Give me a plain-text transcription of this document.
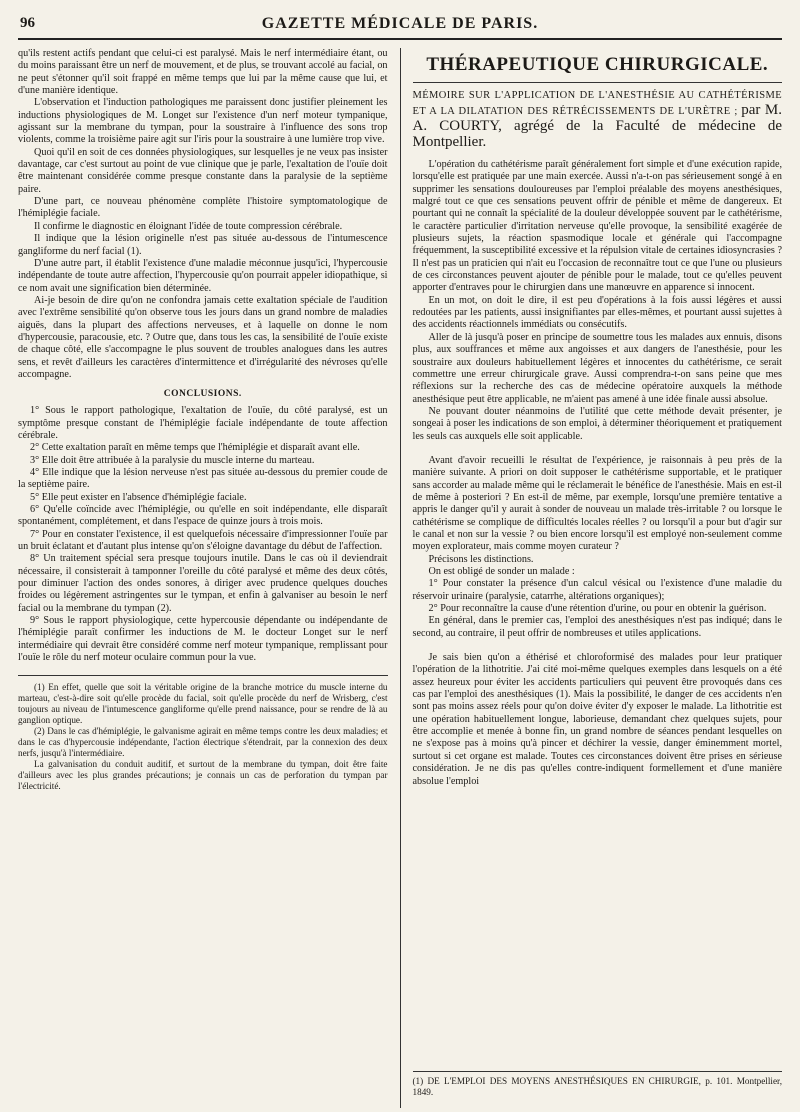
96	GAZETTE MÉDICALE DE PARIS.

qu'ils restent actifs pendant que celui-ci est paralysé. Mais le nerf intermédiaire étant, ou du moins paraissant être un nerf de mouvement, et de plus, se trouvant accolé au facial, on ne peut s'étonner qu'il soit frappé en même temps que lui par la même cause que lui, et d'une manière identique.

L'observation et l'induction pathologiques me paraissent donc justifier pleinement les inductions physiologiques de M. Longet sur l'existence d'un nerf moteur tympanique, agissant sur la membrane du tympan, pour la soustraire à l'influence des sons trop violents, comme la troisième paire agit sur l'iris pour la soustraire à une lumière trop vive.

Quoi qu'il en soit de ces données physiologiques, sur lesquelles je ne veux pas insister davantage, car c'est surtout au point de vue clinique que je parle, l'exaltation de l'ouïe doit être maintenant considérée comme presque constante dans la paralysie de la septième paire.

D'une part, ce nouveau phénomène complète l'histoire symptomatologique de l'hémiplégie faciale.

Il confirme le diagnostic en éloignant l'idée de toute compression cérébrale.

Il indique que la lésion originelle n'est pas située au-dessous de l'intumescence gangliforme du nerf facial (1).

D'une autre part, il établit l'existence d'une maladie méconnue jusqu'ici, l'hypercousie indépendante de toute autre affection, l'hypercousie qu'on pourrait appeler idiopathique, si ce nom avait une signification bien déterminée.

Ai-je besoin de dire qu'on ne confondra jamais cette exaltation spéciale de l'audition avec l'extrême sensibilité qu'on observe tous les jours dans un grand nombre de maladies aiguës, dans la plupart des affections nerveuses, et à laquelle on donne le nom d'hypercousie, paracousie, etc. ? Outre que, dans tous les cas, la sensibilité de l'ouïe existe de chaque côté, elle s'accompagne le plus souvent de troubles analogues dans les autres sens, et revêt d'ailleurs les caractères d'intermittence et d'irrégularité des névroses qu'elle accompagne.

CONCLUSIONS.

1° Sous le rapport pathologique, l'exaltation de l'ouïe, du côté paralysé, est un symptôme presque constant de l'hémiplégie faciale indépendante de toute affection cérébrale.

2° Cette exaltation paraît en même temps que l'hémiplégie et disparaît avant elle.

3° Elle doit être attribuée à la paralysie du muscle interne du marteau.

4° Elle indique que la lésion nerveuse n'est pas située au-dessous du premier coude de la septième paire.

5° Elle peut exister en l'absence d'hémiplégie faciale.

6° Qu'elle coïncide avec l'hémiplégie, ou qu'elle en soit indépendante, elle disparaît spontanément, complétement, et dans l'espace de quinze jours à trois mois.

7° Pour en constater l'existence, il est quelquefois nécessaire d'impressionner l'ouïe par un bruit éclatant et d'autant plus intense qu'on s'éloigne davantage du début de l'affection.

8° Un traitement spécial sera presque toujours inutile. Dans le cas où il deviendrait nécessaire, il consisterait à tamponner l'oreille du côté paralysé et même des deux côtés, pour diminuer l'action des ondes sonores, à diriger avec prudence quelques douches froides ou légèrement astringentes sur le tympan, et enfin à galvaniser au besoin le nerf facial ou la membrane du tympan (2).

9° Sous le rapport physiologique, cette hypercousie dépendante ou indépendante de l'hémiplégie paraît confirmer les inductions de M. le docteur Longet sur le nerf intermédiaire qui devrait être considéré comme nerf moteur tympanique, remplissant pour l'ouïe le rôle du nerf moteur oculaire commun pour la vue.

(1) En effet, quelle que soit la véritable origine de la branche motrice du muscle interne du marteau, c'est-à-dire soit qu'elle procède du facial, soit qu'elle procède du nerf de Wrisberg, c'est toujours au niveau de l'intumescence gangliforme qu'elle prend naissance, pour se rendre de là au ganglion optique.

(2) Dans le cas d'hémiplégie, le galvanisme agirait en même temps contre les deux maladies; et dans le cas d'hypercousie indépendante, l'action électrique s'étendrait, par la connexion des deux nerfs, jusqu'à l'intermédiaire.

La galvanisation du conduit auditif, et surtout de la membrane du tympan, doit être faite d'ailleurs avec les plus grandes précautions; je connais un cas de perforation du tympan par l'électricité.

THÉRAPEUTIQUE CHIRURGICALE.

MÉMOIRE SUR L'APPLICATION DE L'ANESTHÉSIE AU CATHÉTÉRISME ET A LA DILATATION DES RÉTRÉCISSEMENTS DE L'URÈTRE ; par M. A. COURTY, agrégé de la Faculté de médecine de Montpellier.

L'opération du cathétérisme paraît généralement fort simple et d'une exécution rapide, lorsqu'elle est pratiquée par une main exercée. Aussi n'a-t-on pas sérieusement songé à en supprimer les sensations douloureuses par l'emploi préalable des moyens anesthésiques, malgré tout ce que ces sensations peuvent offrir de pénible et même de dangereux. Et pourtant qui ne connaît la spécialité de la douleur développée souvent par le cathétérisme, le caractère particulier d'irritation nerveuse qu'elle provoque, la sensibilité exagérée de plusieurs sujets, la réaction spasmodique locale et générale qui l'accompagne fréquemment, la susceptibilité excessive et la répulsion vitale de certaines idiosyncrasies ? Il n'est pas un praticien qui n'ait eu l'occasion de reconnaître tout ce que l'une ou plusieurs de ces circonstances peuvent ajouter de pénible pour le malade, tout ce qu'elles peuvent apporter d'entraves pour le chirurgien dans une manœuvre en apparence si innocent.

En un mot, on doit le dire, il est peu d'opérations à la fois aussi légères et aussi redoutées par les patients, aussi insignifiantes par elles-mêmes, et pourtant aussi sujettes à des accidents réactionnels immédiats ou consécutifs.

Aller de là jusqu'à poser en principe de soumettre tous les malades aux ennuis, disons plus, aux souffrances et même aux angoisses et aux dangers de l'anesthésie, pour les soustraire aux douleurs habituellement légères et innocentes du cathétérisme, ce serait commettre une erreur chirurgicale grave. Aussi comprendra-t-on sans peine que mes réflexions sur la recherche des cas de médecine opératoire auxquels la méthode anesthésique peut être applicable, ne m'aient pas amené à une idée finale aussi absolue.

Ne pouvant douter néanmoins de l'utilité que cette méthode devait présenter, je songeai à poser les indications de son emploi, à déterminer théoriquement et pratiquement les seuls cas auxquels elle soit applicable.

Avant d'avoir recueilli le résultat de l'expérience, je raisonnais à peu près de la manière suivante. A priori on doit supposer le cathétérisme supportable, et le pratiquer sans accorder au malade même qui le réclamerait le bénéfice de l'anesthésie. Mais en est-il de même à posteriori ? En est-il de même, par exemple, lorsqu'une première tentative a appris le danger qu'il y aurait à sonder de nouveau un malade très-irritable ? ou lorsque le cathétérisme se complique de difficultés locales réelles ? ou lorsqu'il a pour but d'agir sur le canal et non sur la vessie ? ou bien encore lorsqu'il est employé non-seulement comme moyen explorateur, mais comme moyen curateur ?

Précisons les distinctions.

On est obligé de sonder un malade :

1° Pour constater la présence d'un calcul vésical ou l'existence d'une maladie du réservoir urinaire (paralysie, catarrhe, altérations organiques);

2° Pour reconnaître la cause d'une rétention d'urine, ou pour en obtenir la guérison.

En général, dans le premier cas, l'emploi des anesthésiques n'est pas indiqué; dans le second, au contraire, il peut offrir de nombreuses et utiles applications.

Je sais bien qu'on a éthérisé et chloroformisé des malades pour leur pratiquer l'opération de la lithotritie. J'ai cité moi-même quelques exemples dans lesquels on a été assez heureux pour éviter les accidents particuliers qui peuvent être provoqués dans ces cas par l'emploi des anesthésiques (1). Mais la possibilité, le danger de ces accidents n'en sont pas moins assez réels pour qu'on doive éviter d'y exposer le malade. La lithotritie est une opération habituellement longue, laborieuse, demandant chez quelques sujets, pour être accomplie et menée à bonne fin, un grand nombre de séances pendant lesquelles on ne s'expose pas à moins qu'à pincer et déchirer la vessie, danger éminemment mortel, surtout si cet organe est malade. Toutes ces circonstances doivent être prises en sérieuse considération. Je ne dis pas qu'elles contre-indiquent formellement et d'une manière absolue l'emploi

(1) DE L'EMPLOI DES MOYENS ANESTHÉSIQUES EN CHIRURGIE, p. 101. Montpellier, 1849.
